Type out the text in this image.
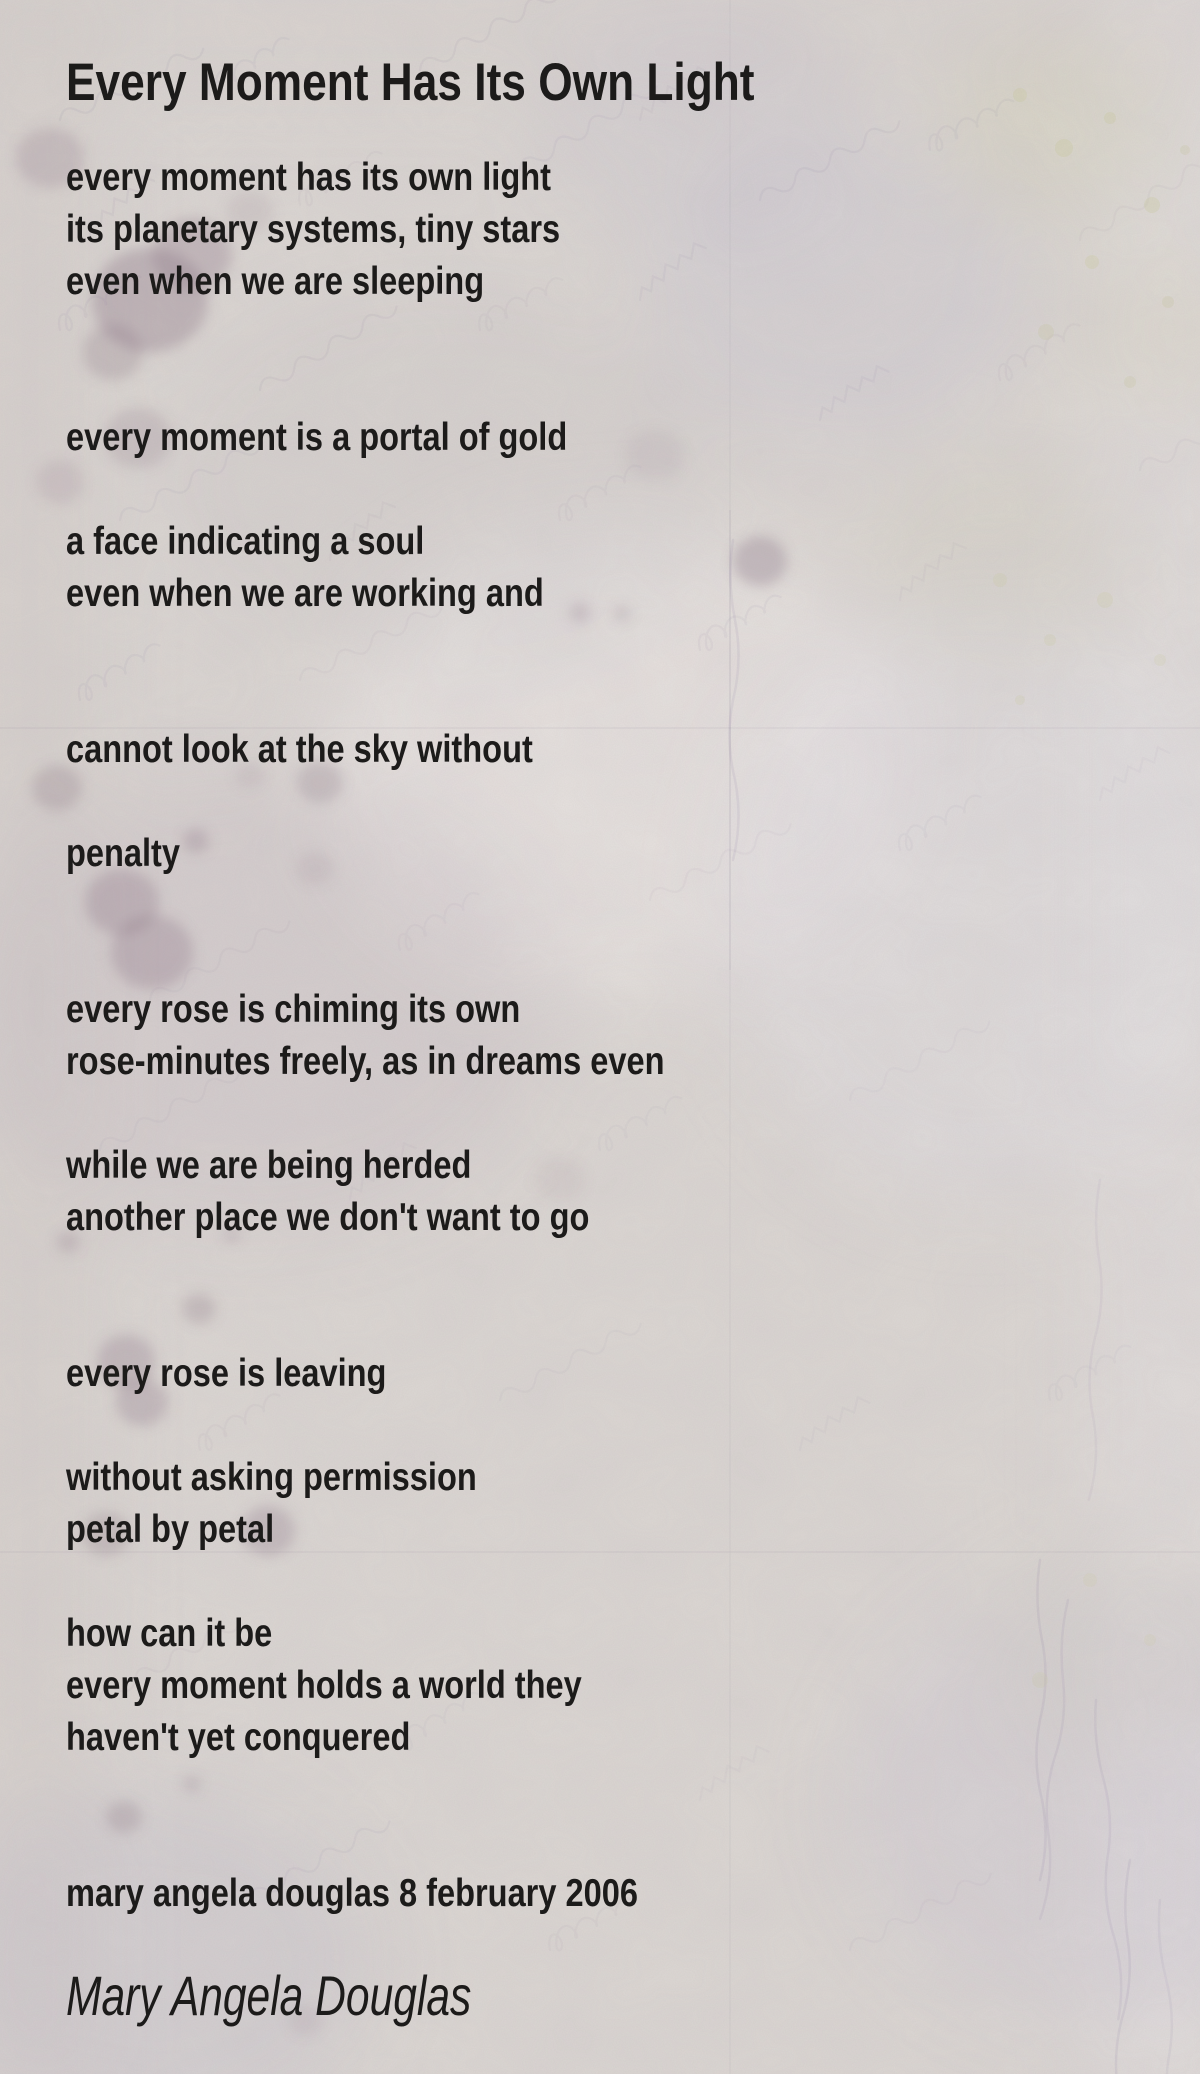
Every Moment Has Its Own Light
every moment has its own light
its planetary systems, tiny stars
even when we are sleeping
every moment is a portal of gold
a face indicating a soul
even when we are working and
cannot look at the sky without
penalty
every rose is chiming its own
rose-minutes freely, as in dreams even
while we are being herded
another place we don't want to go
every rose is leaving
without asking permission
petal by petal
how can it be
every moment holds a world they
haven't yet conquered
mary angela douglas 8 february 2006
Mary Angela Douglas
